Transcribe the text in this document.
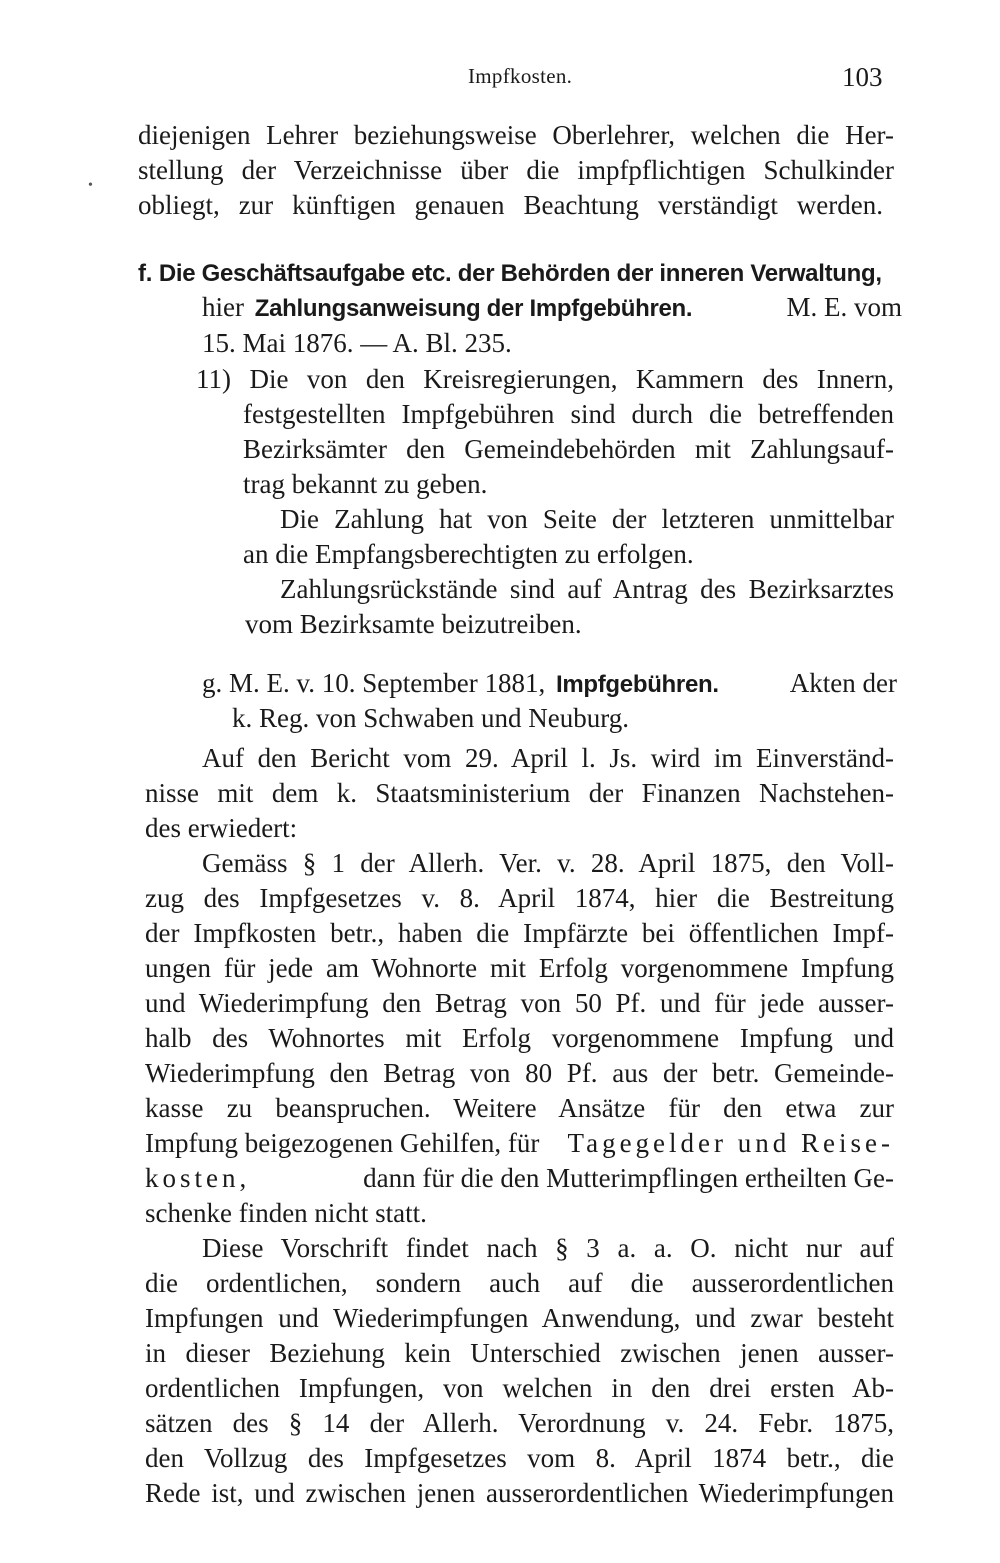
Impfkosten.	103
•
diejenigen Lehrer beziehungsweise Oberlehrer, welchen die Her-
stellung der Verzeichnisse über die impfpflichtigen Schulkinder
obliegt, zur künftigen genauen Beachtung verständigt werden.
f. Die Geschäftsaufgabe etc. der Behörden der inneren Verwaltung,
hier Zahlungsanweisung der Impfgebühren.	M. E. vom
15. Mai 1876. — A. Bl. 235.
11) Die von den Kreisregierungen, Kammern des Innern,
festgestellten Impfgebühren sind durch die betreffenden
Bezirksämter den Gemeindebehörden mit Zahlungsauf-
trag bekannt zu geben.
Die Zahlung hat von Seite der letzteren unmittelbar
an die Empfangsberechtigten zu erfolgen.
Zahlungsrückstände sind auf Antrag des Bezirksarztes
vom Bezirksamte beizutreiben.
g. M. E. v. 10. September 1881, Impfgebühren.	Akten der
k. Reg. von Schwaben und Neuburg.
Auf den Bericht vom 29. April l. Js. wird im Einverständ-
nisse mit dem k. Staatsministerium der Finanzen Nachstehen-
des erwiedert:
Gemäss § 1 der Allerh. Ver. v. 28. April 1875, den Voll-
zug des Impfgesetzes v. 8. April 1874, hier die Bestreitung
der Impfkosten betr., haben die Impfärzte bei öffentlichen Impf-
ungen für jede am Wohnorte mit Erfolg vorgenommene Impfung
und Wiederimpfung den Betrag von 50 Pf. und für jede ausser-
halb des Wohnortes mit Erfolg vorgenommene Impfung und
Wiederimpfung den Betrag von 80 Pf. aus der betr. Gemeinde-
kasse zu beanspruchen. Weitere Ansätze für den etwa zur
Impfung beigezogenen Gehilfen, für Tagegelder und Reise-
kosten,	dann für die den Mutterimpflingen ertheilten Ge-
schenke finden nicht statt.
Diese Vorschrift findet nach § 3 a. a. O. nicht nur auf
die ordentlichen, sondern auch auf die ausserordentlichen
Impfungen und Wiederimpfungen Anwendung, und zwar besteht
in dieser Beziehung kein Unterschied zwischen jenen ausser-
ordentlichen Impfungen, von welchen in den drei ersten Ab-
sätzen des § 14 der Allerh. Verordnung v. 24. Febr. 1875,
den Vollzug des Impfgesetzes vom 8. April 1874 betr., die
Rede ist, und zwischen jenen ausserordentlichen Wiederimpfungen
